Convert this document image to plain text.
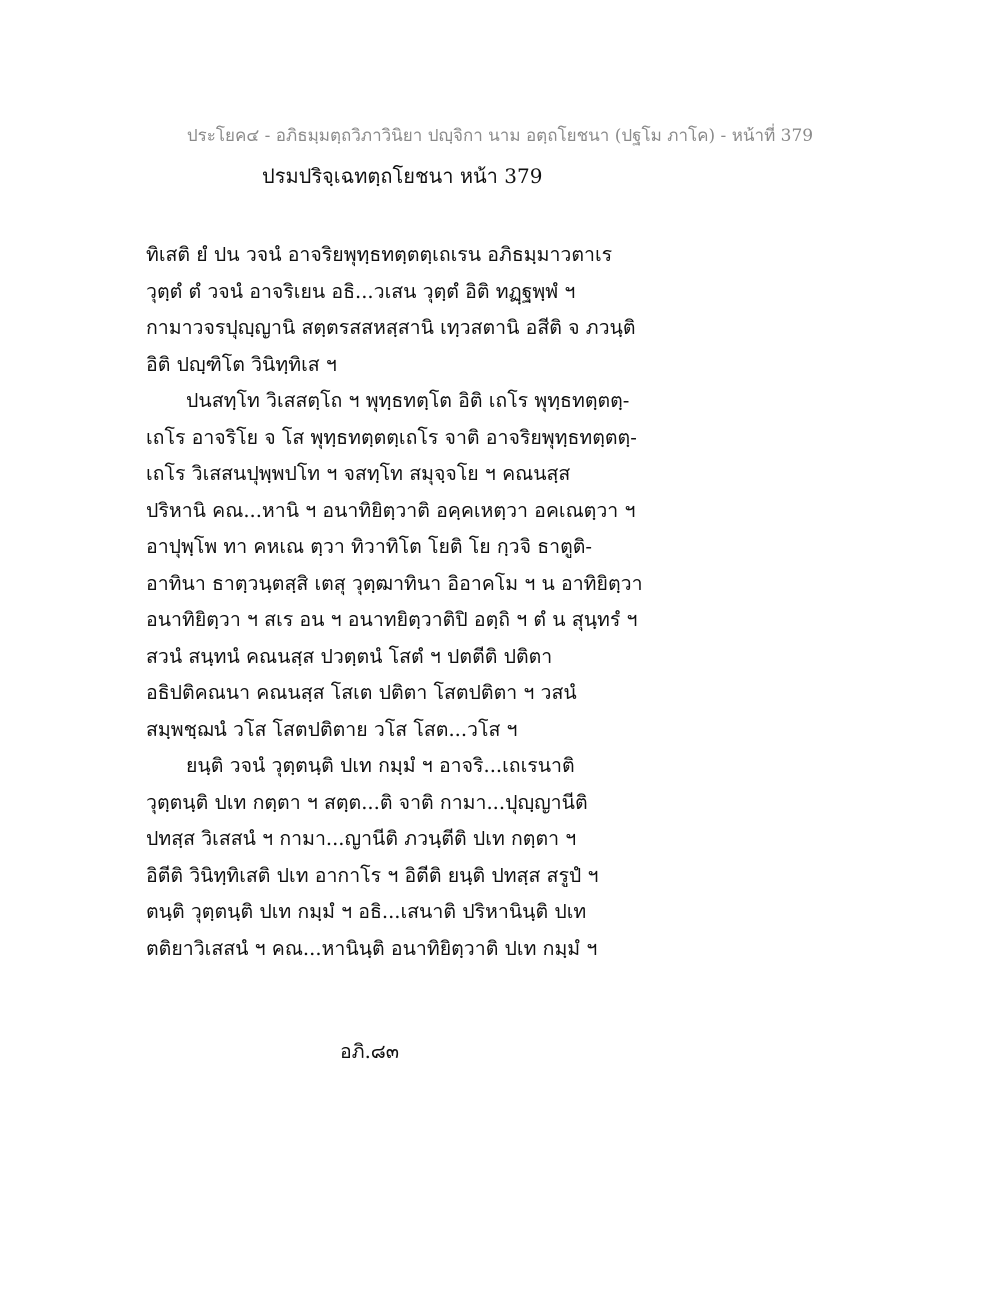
ประโยค๔ - อภิธมฺมตฺถวิภาวินิยา ปญฺจิกา นาม อตฺถโยชนา (ปฐโม ภาโค) - หน้าที่ 379
ปรมปริจฺเฉทตฺถโยชนา หน้า 379
ทิเสติ ยํ ปน วจนํ อาจริยพุทฺธทตฺตตฺเถเรน อภิธมฺมาวตาเร
วุตฺตํ ตํ วจนํ อาจริเยน อธิ...วเสน วุตฺตํ อิติ ทฏฺฐพฺพํ ฯ
กามาวจรปุญฺญานิ สตฺตรสสหสฺสานิ เทฺวสตานิ อสีติ จ ภวนฺติ
อิติ ปญฺฑิโต วินิทฺทิเส ฯ
ปนสทฺโท วิเสสตฺโถ ฯ พุทฺธทตฺโต อิติ เถโร พุทฺธทตฺตตฺ-
เถโร อาจริโย จ โส พุทฺธทตฺตตฺเถโร จาติ อาจริยพุทฺธทตฺตตฺ-
เถโร วิเสสนปุพฺพปโท ฯ จสทฺโท สมุจฺจโย ฯ คณนสฺส
ปริหานิ คณ...หานิ ฯ อนาทิยิตฺวาติ อคฺคเหตฺวา อคเณตฺวา ฯ
อาปุพฺโพ ทา คหเณ ตฺวา ทิวาทิโต โยติ โย กฺวจิ ธาตูติ-
อาทินา ธาตฺวนฺตสฺสิ เตสุ วุตฺฒาทินา อิอาคโม ฯ น อาทิยิตฺวา
อนาทิยิตฺวา ฯ สเร อน ฯ อนาทยิตฺวาติปิ อตฺถิ ฯ ตํ น สุนฺทรํ ฯ
สวนํ สนฺทนํ คณนสฺส ปวตฺตนํ โสตํ ฯ ปตตีติ ปติตา
อธิปติคณนา คณนสฺส โสเต ปติตา โสตปติตา ฯ วสนํ
สมฺพชฺฌนํ วโส โสตปติตาย วโส โสต...วโส ฯ
ยนฺติ วจนํ วุตฺตนฺติ ปเท กมฺมํ ฯ อาจริ...เถเรนาติ
วุตฺตนฺติ ปเท กตฺตา ฯ สตฺต...ติ จาติ กามา...ปุญฺญานีติ
ปทสฺส วิเสสนํ ฯ กามา...ญานีติ ภวนฺตีติ ปเท กตฺตา ฯ
อิตีติ วินิทฺทิเสติ ปเท อากาโร ฯ อิตีติ ยนฺติ ปทสฺส สรูปํ ฯ
ตนฺติ วุตฺตนฺติ ปเท กมฺมํ ฯ อธิ...เสนาติ ปริหานินฺติ ปเท
ตติยาวิเสสนํ ฯ คณ...หานินฺติ อนาทิยิตฺวาติ ปเท กมฺมํ ฯ
อภิ.๘๓
